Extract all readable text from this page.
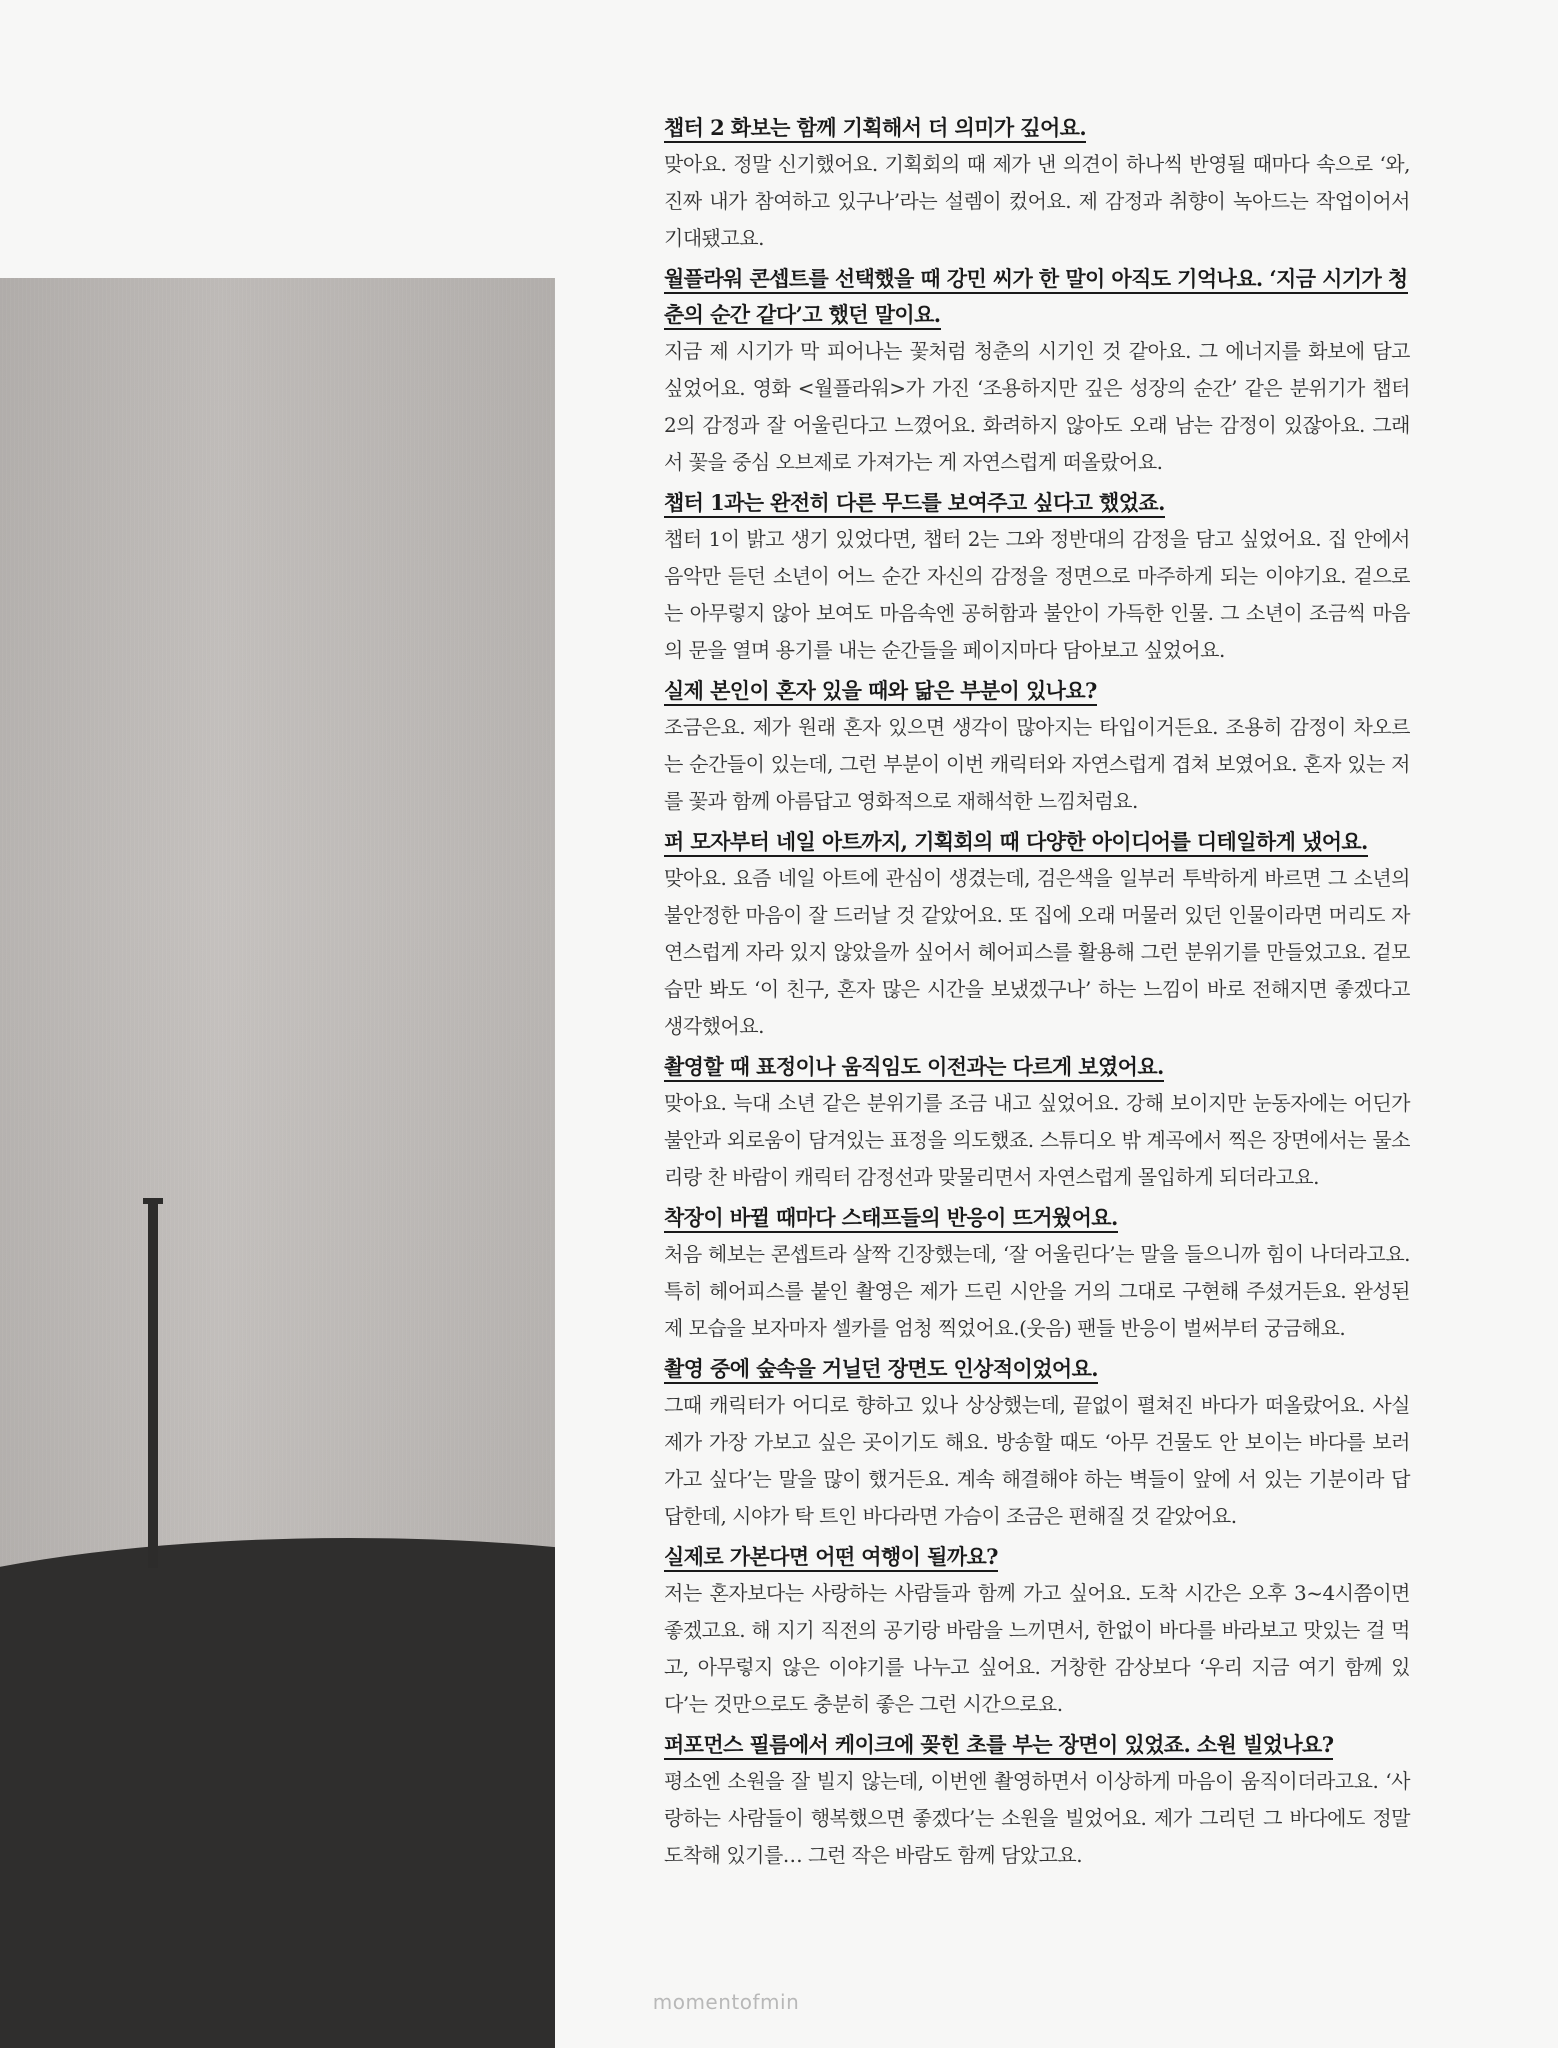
챕터 2 화보는 함께 기획해서 더 의미가 깊어요.

맞아요. 정말 신기했어요. 기획회의 때 제가 낸 의견이 하나씩 반영될 때마다 속으로 ‘와, 진짜 내가 참여하고 있구나’라는 설렘이 컸어요. 제 감정과 취향이 녹아드는 작업이어서 기대됐고요.

월플라워 콘셉트를 선택했을 때 강민 씨가 한 말이 아직도 기억나요. ‘지금 시기가 청춘의 순간 같다’고 했던 말이요.

지금 제 시기가 막 피어나는 꽃처럼 청춘의 시기인 것 같아요. 그 에너지를 화보에 담고 싶었어요. 영화 <월플라워>가 가진 ‘조용하지만 깊은 성장의 순간’ 같은 분위기가 챕터 2의 감정과 잘 어울린다고 느꼈어요. 화려하지 않아도 오래 남는 감정이 있잖아요. 그래서 꽃을 중심 오브제로 가져가는 게 자연스럽게 떠올랐어요.

챕터 1과는 완전히 다른 무드를 보여주고 싶다고 했었죠.

챕터 1이 밝고 생기 있었다면, 챕터 2는 그와 정반대의 감정을 담고 싶었어요. 집 안에서 음악만 듣던 소년이 어느 순간 자신의 감정을 정면으로 마주하게 되는 이야기요. 겉으로는 아무렇지 않아 보여도 마음속엔 공허함과 불안이 가득한 인물. 그 소년이 조금씩 마음의 문을 열며 용기를 내는 순간들을 페이지마다 담아보고 싶었어요.

실제 본인이 혼자 있을 때와 닮은 부분이 있나요?

조금은요. 제가 원래 혼자 있으면 생각이 많아지는 타입이거든요. 조용히 감정이 차오르는 순간들이 있는데, 그런 부분이 이번 캐릭터와 자연스럽게 겹쳐 보였어요. 혼자 있는 저를 꽃과 함께 아름답고 영화적으로 재해석한 느낌처럼요.

퍼 모자부터 네일 아트까지, 기획회의 때 다양한 아이디어를 디테일하게 냈어요.

맞아요. 요즘 네일 아트에 관심이 생겼는데, 검은색을 일부러 투박하게 바르면 그 소년의 불안정한 마음이 잘 드러날 것 같았어요. 또 집에 오래 머물러 있던 인물이라면 머리도 자연스럽게 자라 있지 않았을까 싶어서 헤어피스를 활용해 그런 분위기를 만들었고요. 겉모습만 봐도 ‘이 친구, 혼자 많은 시간을 보냈겠구나’ 하는 느낌이 바로 전해지면 좋겠다고 생각했어요.

촬영할 때 표정이나 움직임도 이전과는 다르게 보였어요.

맞아요. 늑대 소년 같은 분위기를 조금 내고 싶었어요. 강해 보이지만 눈동자에는 어딘가 불안과 외로움이 담겨있는 표정을 의도했죠. 스튜디오 밖 계곡에서 찍은 장면에서는 물소리랑 찬 바람이 캐릭터 감정선과 맞물리면서 자연스럽게 몰입하게 되더라고요.

착장이 바뀔 때마다 스태프들의 반응이 뜨거웠어요.

처음 헤보는 콘셉트라 살짝 긴장했는데, ‘잘 어울린다’는 말을 들으니까 힘이 나더라고요. 특히 헤어피스를 붙인 촬영은 제가 드린 시안을 거의 그대로 구현해 주셨거든요. 완성된 제 모습을 보자마자 셀카를 엄청 찍었어요.(웃음) 팬들 반응이 벌써부터 궁금해요.

촬영 중에 숲속을 거닐던 장면도 인상적이었어요.

그때 캐릭터가 어디로 향하고 있나 상상했는데, 끝없이 펼쳐진 바다가 떠올랐어요. 사실 제가 가장 가보고 싶은 곳이기도 해요. 방송할 때도 ‘아무 건물도 안 보이는 바다를 보러 가고 싶다’는 말을 많이 했거든요. 계속 해결해야 하는 벽들이 앞에 서 있는 기분이라 답답한데, 시야가 탁 트인 바다라면 가슴이 조금은 편해질 것 같았어요.

실제로 가본다면 어떤 여행이 될까요?

저는 혼자보다는 사랑하는 사람들과 함께 가고 싶어요. 도착 시간은 오후 3~4시쯤이면 좋겠고요. 해 지기 직전의 공기랑 바람을 느끼면서, 한없이 바다를 바라보고 맛있는 걸 먹고, 아무렇지 않은 이야기를 나누고 싶어요. 거창한 감상보다 ‘우리 지금 여기 함께 있다’는 것만으로도 충분히 좋은 그런 시간으로요.

퍼포먼스 필름에서 케이크에 꽂힌 초를 부는 장면이 있었죠. 소원 빌었나요?

평소엔 소원을 잘 빌지 않는데, 이번엔 촬영하면서 이상하게 마음이 움직이더라고요. ‘사랑하는 사람들이 행복했으면 좋겠다’는 소원을 빌었어요. 제가 그리던 그 바다에도 정말 도착해 있기를… 그런 작은 바람도 함께 담았고요.

momentofmin
